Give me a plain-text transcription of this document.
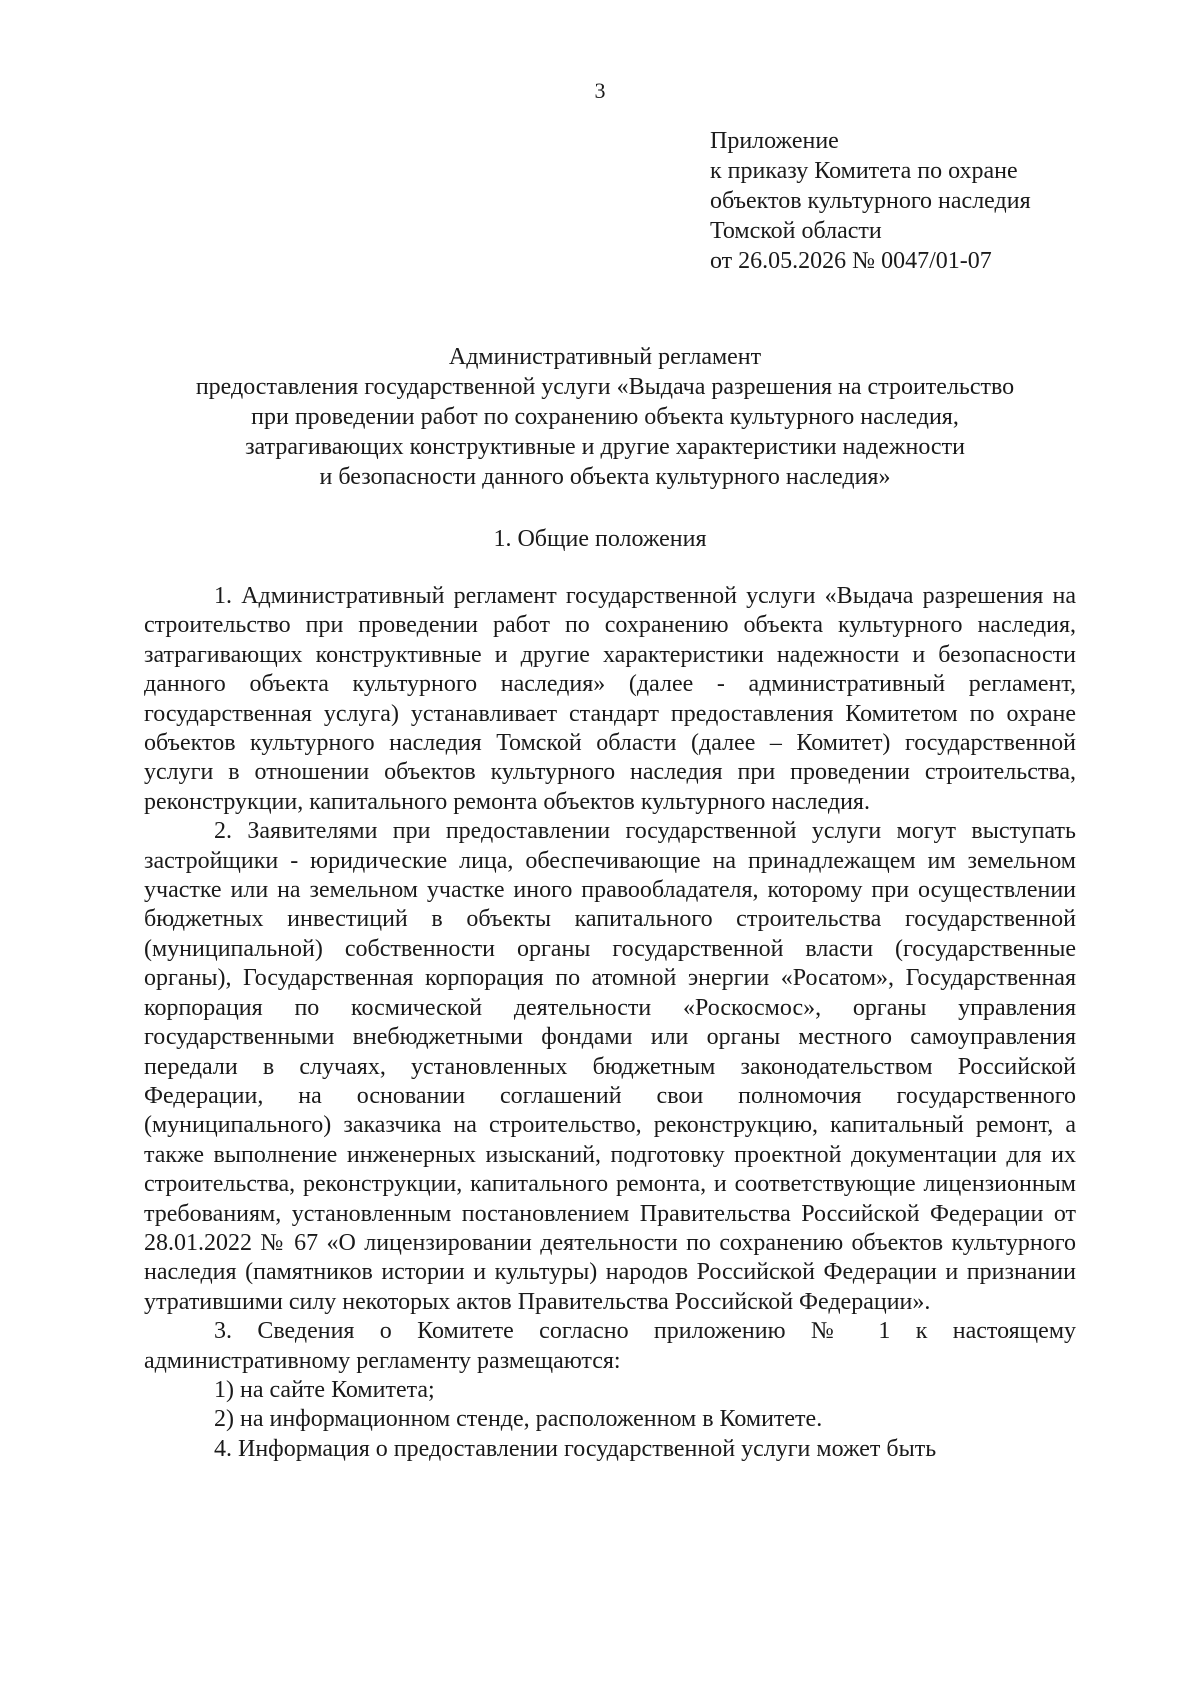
3
Приложение
к приказу Комитета по охране
объектов культурного наследия
Томской области
от 26.05.2026 № 0047/01-07
Административный регламент
предоставления государственной услуги «Выдача разрешения на строительство
при проведении работ по сохранению объекта культурного наследия,
затрагивающих конструктивные и другие характеристики надежности
и безопасности данного объекта культурного наследия»
1. Общие положения

1. Административный регламент государственной услуги «Выдача разрешения на строительство при проведении работ по сохранению объекта культурного наследия, затрагивающих конструктивные и другие характеристики надежности и безопасности данного объекта культурного наследия» (далее - административный регламент, государственная услуга) устанавливает стандарт предоставления Комитетом по охране объектов культурного наследия Томской области (далее – Комитет) государственной услуги в отношении объектов культурного наследия при проведении строительства, реконструкции, капитального ремонта объектов культурного наследия.

2. Заявителями при предоставлении государственной услуги могут выступать застройщики - юридические лица, обеспечивающие на принадлежащем им земельном участке или на земельном участке иного правообладателя, которому при осуществлении бюджетных инвестиций в объекты капитального строительства государственной (муниципальной) собственности органы государственной власти (государственные органы), Государственная корпорация по атомной энергии «Росатом», Государственная корпорация по космической деятельности «Роскосмос», органы управления государственными внебюджетными фондами или органы местного самоуправления передали в случаях, установленных бюджетным законодательством Российской Федерации, на основании соглашений свои полномочия государственного (муниципального) заказчика на строительство, реконструкцию, капитальный ремонт, а также выполнение инженерных изысканий, подготовку проектной документации для их строительства, реконструкции, капитального ремонта, и соответствующие лицензионным требованиям, установленным постановлением Правительства Российской Федерации от 28.01.2022 № 67 «О лицензировании деятельности по сохранению объектов культурного наследия (памятников истории и культуры) народов Российской Федерации и признании утратившими силу некоторых актов Правительства Российской Федерации».

3. Сведения о Комитете согласно приложению № 1 к настоящему административному регламенту размещаются:

1) на сайте Комитета;

2) на информационном стенде, расположенном в Комитете.

4. Информация о предоставлении государственной услуги может быть
